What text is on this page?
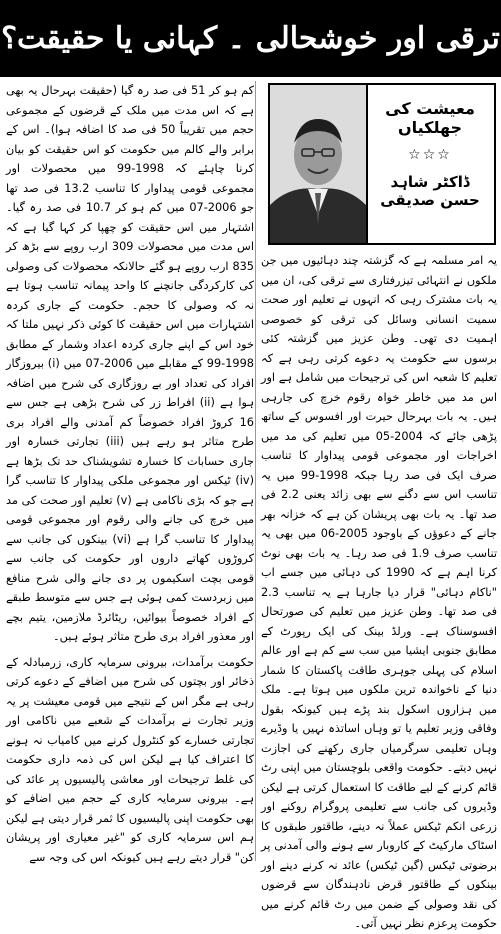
ترقی اور خوشحالی ۔ کہانی یا حقیقت؟

کم ہو کر 51 فی صد رہ گیا (حقیقت بہرحال یہ بھی ہے کہ اس مدت میں ملک کے قرضوں کے مجموعی حجم میں تقریباً 50 فی صد کا اضافہ ہوا)۔ اس کے برابر والے کالم میں حکومت کو اس حقیقت کو بیان کرنا چاہئے کہ 1998-99 میں محصولات اور مجموعی قومی پیداوار کا تناسب 13.2 فی صد تھا جو 2006-07 میں کم ہو کر 10.7 فی صد رہ گیا۔ اشتہار میں اس حقیقت کو چھپا کر کہا گیا ہے کہ اس مدت میں محصولات 309 ارب روپے سے بڑھ کر 835 ارب روپے ہو گئے حالانکہ محصولات کی وصولی کی کارکردگی جانچنے کا واحد پیمانہ تناسب ہوتا ہے نہ کہ وصولی کا حجم۔ حکومت کے جاری کردہ اشتہارات میں اس حقیقت کا کوئی ذکر نہیں ملتا کہ خود اس کے اپنے جاری کردہ اعداد وشمار کے مطابق 1998-99 کے مقابلے میں 2006-07 میں (i) بیروزگار افراد کی تعداد اور بے روزگاری کی شرح میں اضافہ ہوا ہے (ii) افراط زر کی شرح بڑھی ہے جس سے 16 کروڑ افراد خصوصاً کم آمدنی والے افراد بری طرح متاثر ہو رہے ہیں (iii) تجارتی خسارہ اور جاری حسابات کا خسارہ تشویشناک حد تک بڑھا ہے (iv) ٹیکس اور مجموعی ملکی پیداوار کا تناسب گرا ہے جو کہ بڑی ناکامی ہے (v) تعلیم اور صحت کی مد میں خرچ کی جانے والی رقوم اور مجموعی قومی پیداوار کا تناسب گرا ہے (vi) بینکوں کی جانب سے کروڑوں کھاتے داروں اور حکومت کی جانب سے قومی بچت اسکیموں پر دی جانے والی شرح منافع میں زبردست کمی ہوئی ہے جس سے متوسط طبقے کے افراد خصوصاً بیوائیں، ریٹائرڈ ملازمین، یتیم بچے اور معذور افراد بری طرح متاثر ہوئے ہیں۔

حکومت برآمدات، بیرونی سرمایہ کاری، زرمبادلہ کے ذخائر اور بچتوں کی شرح میں اضافے کے دعوے کرتی رہی ہے مگر اس کے نتیجے میں قومی معیشت پر یہ وزیر تجارت نے برآمدات کے شعبے میں ناکامی اور تجارتی خسارے کو کنٹرول کرنے میں کامیاب نہ ہونے کا اعتراف کیا ہے لیکن اس کی ذمہ داری حکومت کی غلط ترجیحات اور معاشی پالیسیوں پر عائد کی ہے۔ بیرونی سرمایہ کاری کے حجم میں اضافے کو بھی حکومت اپنی پالیسیوں کا ثمر قرار دیتی ہے لیکن ہم اس سرمایہ کاری کو "غیر معیاری اور پریشان کن" قرار دیتے رہے ہیں کیونکہ اس کی وجہ سے

معیشت کی جھلکیاں
☆☆☆
ڈاکٹر شاہد حسن صدیقی

یہ امر مسلمہ ہے کہ گزشتہ چند دہائیوں میں جن ملکوں نے انتہائی تیزرفتاری سے ترقی کی، ان میں یہ بات مشترک رہی کہ انہوں نے تعلیم اور صحت سمیت انسانی وسائل کی ترقی کو خصوصی اہمیت دی تھی۔ وطن عزیز میں گزشتہ کئی برسوں سے حکومت یہ دعوے کرتی رہی ہے کہ تعلیم کا شعبہ اس کی ترجیحات میں شامل ہے اور اس مد میں خاطر خواہ رقوم خرچ کی جارہی ہیں۔ یہ بات بہرحال حیرت اور افسوس کے ساتھ پڑھی جائے کہ 2004-05 میں تعلیم کی مد میں اخراجات اور مجموعی قومی پیداوار کا تناسب صرف ایک فی صد رہا جبکہ 1998-99 میں یہ تناسب اس سے دگنے سے بھی زائد یعنی 2.2 فی صد تھا۔ یہ بات بھی پریشان کن ہے کہ خزانہ بھر جانے کے دعوؤں کے باوجود 2005-06 میں بھی یہ تناسب صرف 1.9 فی صد رہا۔ یہ بات بھی نوٹ کرنا اہم ہے کہ 1990 کی دہائی میں جسے اب "ناکام دہائی" قرار دیا جارہا ہے یہ تناسب 2.3 فی صد تھا۔ وطن عزیز میں تعلیم کی صورتحال افسوسناک ہے۔ ورلڈ بینک کی ایک رپورٹ کے مطابق جنوبی ایشیا میں سب سے کم ہے اور عالم اسلام کی پہلی جوہری طاقت پاکستان کا شمار دنیا کے ناخواندہ ترین ملکوں میں ہوتا ہے۔ ملک میں ہزاروں اسکول بند پڑے ہیں کیونکہ بقول وفاقی وزیر تعلیم یا تو وہاں اساتذہ نہیں یا وڈیرے وہاں تعلیمی سرگرمیاں جاری رکھنے کی اجازت نہیں دیتے۔ حکومت واقعی بلوچستان میں اپنی رٹ قائم کرنے کے لیے طاقت کا استعمال کرتی ہے لیکن وڈیروں کی جانب سے تعلیمی پروگرام روکنے اور زرعی انکم ٹیکس عملاً نہ دینے، طاقتور طبقوں کا اسٹاک مارکیٹ کے کاروبار سے ہونے والی آمدنی پر برضوتی ٹیکس (گین ٹیکس) عائد نہ کرنے دینے اور بینکوں کے طاقتور قرض نادہندگان سے قرضوں کی نقد وصولی کے ضمن میں رٹ قائم کرنے میں حکومت پرعزم نظر نہیں آتی۔
